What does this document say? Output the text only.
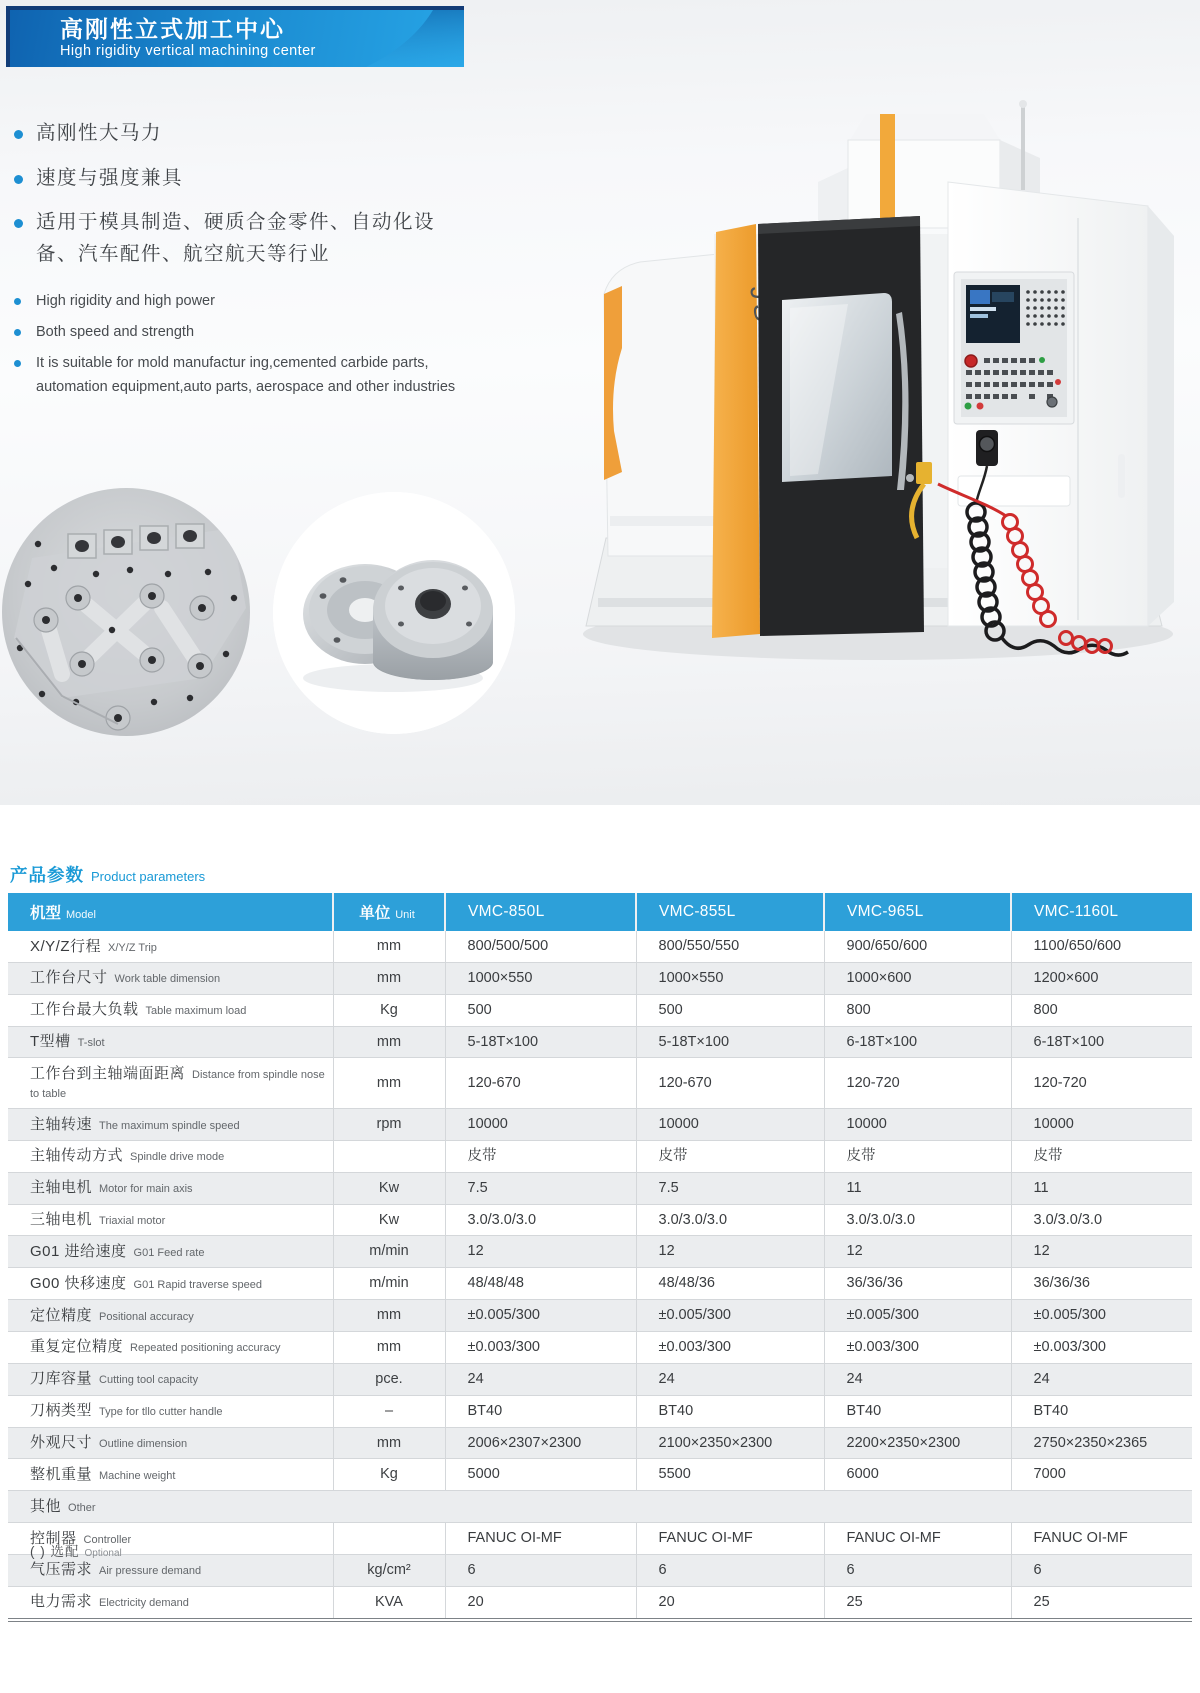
高刚性立式加工中心
High rigidity vertical machining center
高刚性大马力
速度与强度兼具
适用于模具制造、硬质合金零件、自动化设备、汽车配件、航空航天等行业
High rigidity and high power
Both speed and strength
It is suitable for mold manufactur ing,cemented carbide parts, automation equipment,auto parts, aerospace and other industries
产品参数 Product parameters
机型 Model	单位 Unit	VMC-850L	VMC-855L	VMC-965L	VMC-1160L
X/Y/Z行程 X/Y/Z Trip	mm	800/500/500	800/550/550	900/650/600	1100/650/600
工作台尺寸 Work table dimension	mm	1000×550	1000×550	1000×600	1200×600
工作台最大负载 Table maximum load	Kg	500	500	800	800
T型槽 T-slot	mm	5-18T×100	5-18T×100	6-18T×100	6-18T×100
工作台到主轴端面距离 Distance from spindle nose to table	mm	120-670	120-670	120-720	120-720
主轴转速 The maximum spindle speed	rpm	10000	10000	10000	10000
主轴传动方式 Spindle drive mode		皮带	皮带	皮带	皮带
主轴电机 Motor for main axis	Kw	7.5	7.5	11	11
三轴电机 Triaxial motor	Kw	3.0/3.0/3.0	3.0/3.0/3.0	3.0/3.0/3.0	3.0/3.0/3.0
G01 进给速度 G01 Feed rate	m/min	12	12	12	12
G00 快移速度 G01 Rapid traverse speed	m/min	48/48/48	48/48/36	36/36/36	36/36/36
定位精度 Positional accuracy	mm	±0.005/300	±0.005/300	±0.005/300	±0.005/300
重复定位精度 Repeated positioning accuracy	mm	±0.003/300	±0.003/300	±0.003/300	±0.003/300
刀库容量 Cutting tool capacity	pce.	24	24	24	24
刀柄类型 Type for tllo cutter handle	–	BT40	BT40	BT40	BT40
外观尺寸 Outline dimension	mm	2006×2307×2300	2100×2350×2300	2200×2350×2300	2750×2350×2365
整机重量 Machine weight	Kg	5000	5500	6000	7000
其他 Other					
控制器 Controller		FANUC OI-MF	FANUC OI-MF	FANUC OI-MF	FANUC OI-MF
气压需求 Air pressure demand	kg/cm²	6	6	6	6
电力需求 Electricity demand	KVA	20	20	25	25
( ) 选配 Optional
